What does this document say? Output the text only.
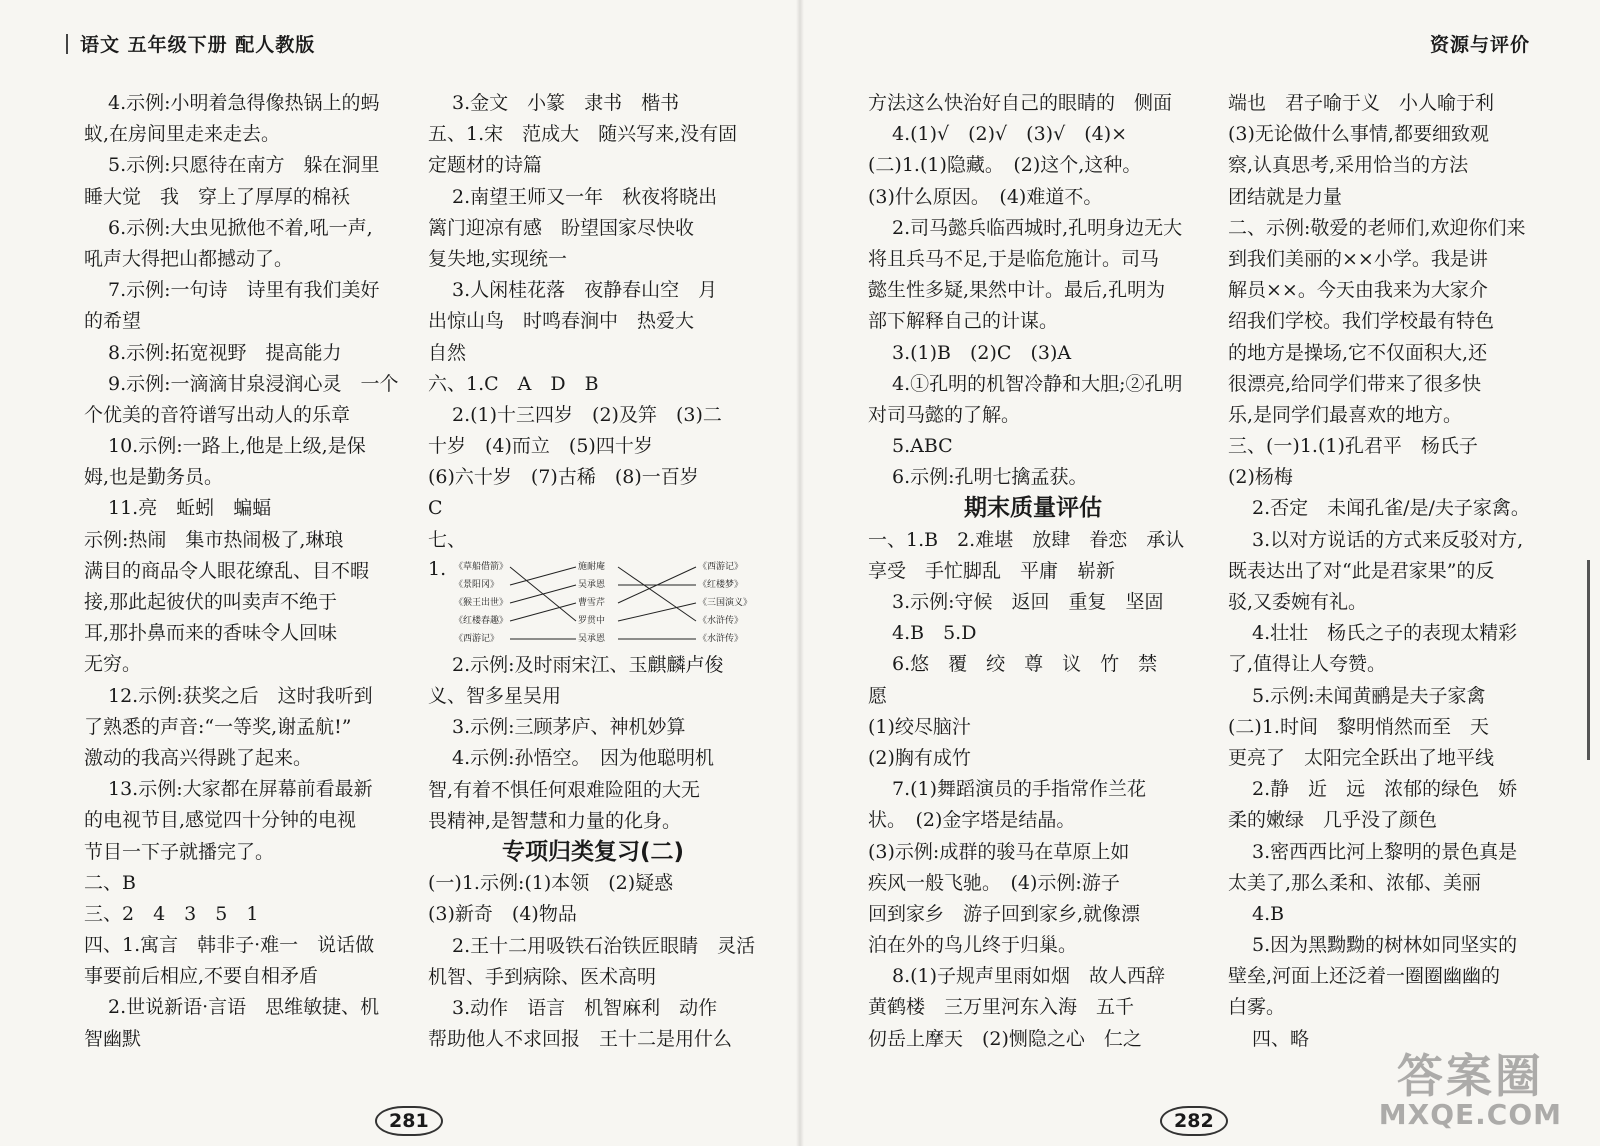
语文 五年级下册 配人教版
4.示例:小明着急得像热锅上的蚂
蚁,在房间里走来走去。
5.示例:只愿待在南方　躲在洞里
睡大觉　我　穿上了厚厚的棉袄
6.示例:大虫见掀他不着,吼一声,
吼声大得把山都撼动了。
7.示例:一句诗　诗里有我们美好
的希望
8.示例:拓宽视野　提高能力
9.示例:一滴滴甘泉浸润心灵　一个
个优美的音符谱写出动人的乐章
10.示例:一路上,他是上级,是保
姆,也是勤务员。
11.亮　蚯蚓　蝙蝠
示例:热闹　集市热闹极了,琳琅
满目的商品令人眼花缭乱、目不暇
接,那此起彼伏的叫卖声不绝于
耳,那扑鼻而来的香味令人回味
无穷。
12.示例:获奖之后　这时我听到
了熟悉的声音:“一等奖,谢孟航!”
激动的我高兴得跳了起来。
13.示例:大家都在屏幕前看最新
的电视节目,感觉四十分钟的电视
节目一下子就播完了。
二、B
三、2　4　3　5　1
四、1.寓言　韩非子·难一　说话做
事要前后相应,不要自相矛盾
2.世说新语·言语　思维敏捷、机
智幽默
3.金文　小篆　隶书　楷书
五、1.宋　范成大　随兴写来,没有固
定题材的诗篇
2.南望王师又一年　秋夜将晓出
篱门迎凉有感　盼望国家尽快收
复失地,实现统一
3.人闲桂花落　夜静春山空　月
出惊山鸟　时鸣春涧中　热爱大
自然
六、1.C　A　D　B
2.(1)十三四岁　(2)及笄　(3)二
十岁　(4)而立　(5)四十岁
(6)六十岁　(7)古稀　(8)一百岁
C
七、
1. 《草船借箭》
《景阳冈》
《猴王出世》
《红楼春趣》
《西游记》
施耐庵
吴承恩
曹雪芹
罗贯中
吴承恩
《西游记》
《红楼梦》
《三国演义》
《水浒传》
《水浒传》
2.示例:及时雨宋江、玉麒麟卢俊
义、智多星吴用
3.示例:三顾茅庐、神机妙算
4.示例:孙悟空。　因为他聪明机
智,有着不惧任何艰难险阻的大无
畏精神,是智慧和力量的化身。
专项归类复习(二)
(一)1.示例:(1)本领　(2)疑惑
(3)新奇　(4)物品
2.王十二用吸铁石治铁匠眼睛　灵活
机智、手到病除、医术高明
3.动作　语言　机智麻利　动作
帮助他人不求回报　王十二是用什么
281
资源与评价
方法这么快治好自己的眼睛的　侧面
4.(1)√　(2)√　(3)√　(4)×
(二)1.(1)隐藏。　(2)这个,这种。
(3)什么原因。　(4)难道不。
2.司马懿兵临西城时,孔明身边无大
将且兵马不足,于是临危施计。司马
懿生性多疑,果然中计。最后,孔明为
部下解释自己的计谋。
3.(1)B　(2)C　(3)A
4.①孔明的机智冷静和大胆;②孔明
对司马懿的了解。
5.ABC
6.示例:孔明七擒孟获。
期末质量评估
一、1.B　2.难堪　放肆　眷恋　承认
享受　手忙脚乱　平庸　崭新
3.示例:守候　返回　重复　坚固
4.B　5.D
6.悠　覆　绞　尊　议　竹　禁
愿
(1)绞尽脑汁
(2)胸有成竹
7.(1)舞蹈演员的手指常作兰花
状。　(2)金字塔是结晶。
(3)示例:成群的骏马在草原上如
疾风一般飞驰。　(4)示例:游子
回到家乡　游子回到家乡,就像漂
泊在外的鸟儿终于归巢。
8.(1)子规声里雨如烟　故人西辞
黄鹤楼　三万里河东入海　五千
仞岳上摩天　(2)恻隐之心　仁之
端也　君子喻于义　小人喻于利
(3)无论做什么事情,都要细致观
察,认真思考,采用恰当的方法
团结就是力量
二、示例:敬爱的老师们,欢迎你们来
到我们美丽的××小学。我是讲
解员××。今天由我来为大家介
绍我们学校。我们学校最有特色
的地方是操场,它不仅面积大,还
很漂亮,给同学们带来了很多快
乐,是同学们最喜欢的地方。
三、(一)1.(1)孔君平　杨氏子
(2)杨梅
2.否定　未闻孔雀/是/夫子家禽。
3.以对方说话的方式来反驳对方,
既表达出了对“此是君家果”的反
驳,又委婉有礼。
4.壮壮　杨氏之子的表现太精彩
了,值得让人夸赞。
5.示例:未闻黄鹂是夫子家禽
(二)1.时间　黎明悄然而至　天
更亮了　太阳完全跃出了地平线
2.静　近　远　浓郁的绿色　娇
柔的嫩绿　几乎没了颜色
3.密西西比河上黎明的景色真是
太美了,那么柔和、浓郁、美丽
4.B
5.因为黑黝黝的树林如同坚实的
壁垒,河面上还泛着一圈圈幽幽的
白雾。
四、略
282
答案圈
MXQE.COM
